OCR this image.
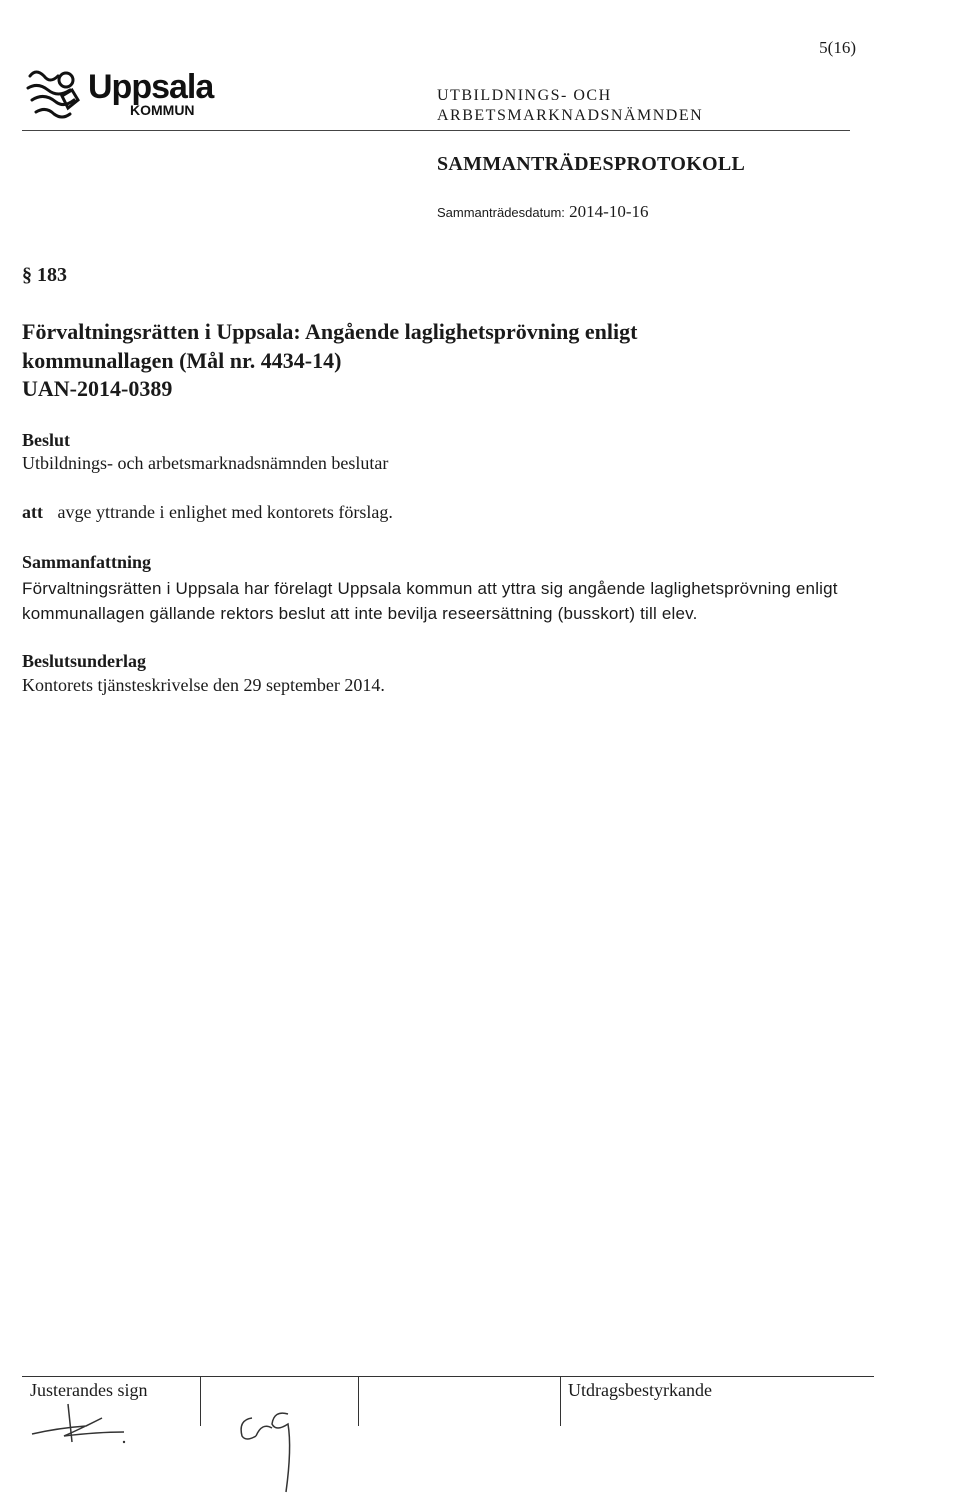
5(16)
Uppsala
KOMMUN
UTBILDNINGS- OCH
ARBETSMARKNADSNÄMNDEN
SAMMANTRÄDESPROTOKOLL
Sammanträdesdatum: 2014-10-16
§ 183
Förvaltningsrätten i Uppsala: Angående laglighetsprövning enligt kommunallagen (Mål nr. 4434-14)
UAN-2014-0389
Beslut
Utbildnings- och arbetsmarknadsnämnden beslutar
att avge yttrande i enlighet med kontorets förslag.
Sammanfattning
Förvaltningsrätten i Uppsala har förelagt Uppsala kommun att yttra sig angående laglighetsprövning enligt kommunallagen gällande rektors beslut att inte bevilja reseersättning (busskort) till elev.
Beslutsunderlag
Kontorets tjänsteskrivelse den 29 september 2014.
Justerandes sign	Utdragsbestyrkande
